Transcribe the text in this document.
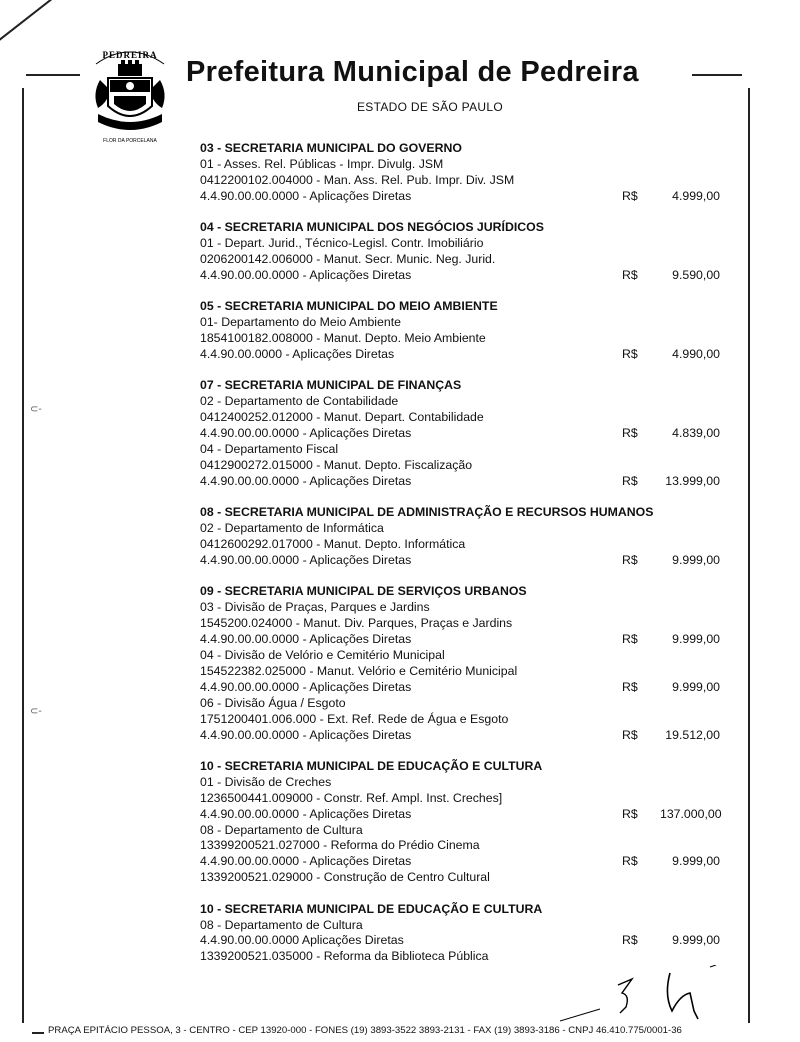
PEDREIRA
FLOR DA PORCELANA
Prefeitura Municipal de Pedreira
ESTADO DE SÃO PAULO
03 - SECRETARIA MUNICIPAL DO GOVERNO
01 - Asses. Rel. Públicas - Impr. Divulg. JSM
0412200102.004000 - Man. Ass. Rel. Pub. Impr. Div. JSM
4.4.90.00.00.0000 - Aplicações Diretas	R$	4.999,00
04 - SECRETARIA MUNICIPAL DOS NEGÓCIOS JURÍDICOS
01 - Depart. Jurid., Técnico-Legisl. Contr. Imobiliário
0206200142.006000 - Manut. Secr. Munic. Neg. Jurid.
4.4.90.00.00.0000 - Aplicações Diretas	R$	9.590,00
05 - SECRETARIA MUNICIPAL DO MEIO AMBIENTE
01- Departamento do Meio Ambiente
1854100182.008000 - Manut. Depto. Meio Ambiente
4.4.90.00.0000 - Aplicações Diretas	R$	4.990,00
07 - SECRETARIA MUNICIPAL DE FINANÇAS
02 - Departamento de Contabilidade
0412400252.012000 - Manut. Depart. Contabilidade
4.4.90.00.00.0000 - Aplicações Diretas	R$	4.839,00
04 - Departamento Fiscal
0412900272.015000 - Manut. Depto. Fiscalização
4.4.90.00.00.0000 - Aplicações Diretas	R$	13.999,00
08 - SECRETARIA MUNICIPAL DE ADMINISTRAÇÃO E RECURSOS HUMANOS
02 - Departamento de Informática
0412600292.017000 - Manut. Depto. Informática
4.4.90.00.00.0000 - Aplicações Diretas	R$	9.999,00
09 - SECRETARIA MUNICIPAL DE SERVIÇOS URBANOS
03 - Divisão de Praças, Parques e Jardins
1545200.024000 - Manut. Div. Parques, Praças e Jardins
4.4.90.00.00.0000 - Aplicações Diretas	R$	9.999,00
04 - Divisão de Velório e Cemitério Municipal
154522382.025000 - Manut. Velório e Cemitério Municipal
4.4.90.00.00.0000 - Aplicações Diretas	R$	9.999,00
06 - Divisão Água / Esgoto
1751200401.006.000 - Ext. Ref. Rede de Água e Esgoto
4.4.90.00.00.0000 - Aplicações Diretas	R$	19.512,00
10 - SECRETARIA MUNICIPAL DE EDUCAÇÃO E CULTURA
01 - Divisão de Creches
1236500441.009000 - Constr. Ref. Ampl. Inst. Creches]
4.4.90.00.00.0000 - Aplicações Diretas	R$	137.000,00
08 - Departamento de Cultura
13399200521.027000 - Reforma do Prédio Cinema
4.4.90.00.00.0000 - Aplicações Diretas	R$	9.999,00
1339200521.029000 - Construção de Centro Cultural
10 - SECRETARIA MUNICIPAL DE EDUCAÇÃO E CULTURA
08 - Departamento de Cultura
4.4.90.00.00.0000 Aplicações Diretas	R$	9.999,00
1339200521.035000 - Reforma da Biblioteca Pública
⊂-
⊂-
PRAÇA EPITÁCIO PESSOA, 3 - CENTRO - CEP 13920-000 - FONES (19) 3893-3522 3893-2131 - FAX (19) 3893-3186 - CNPJ 46.410.775/0001-36
